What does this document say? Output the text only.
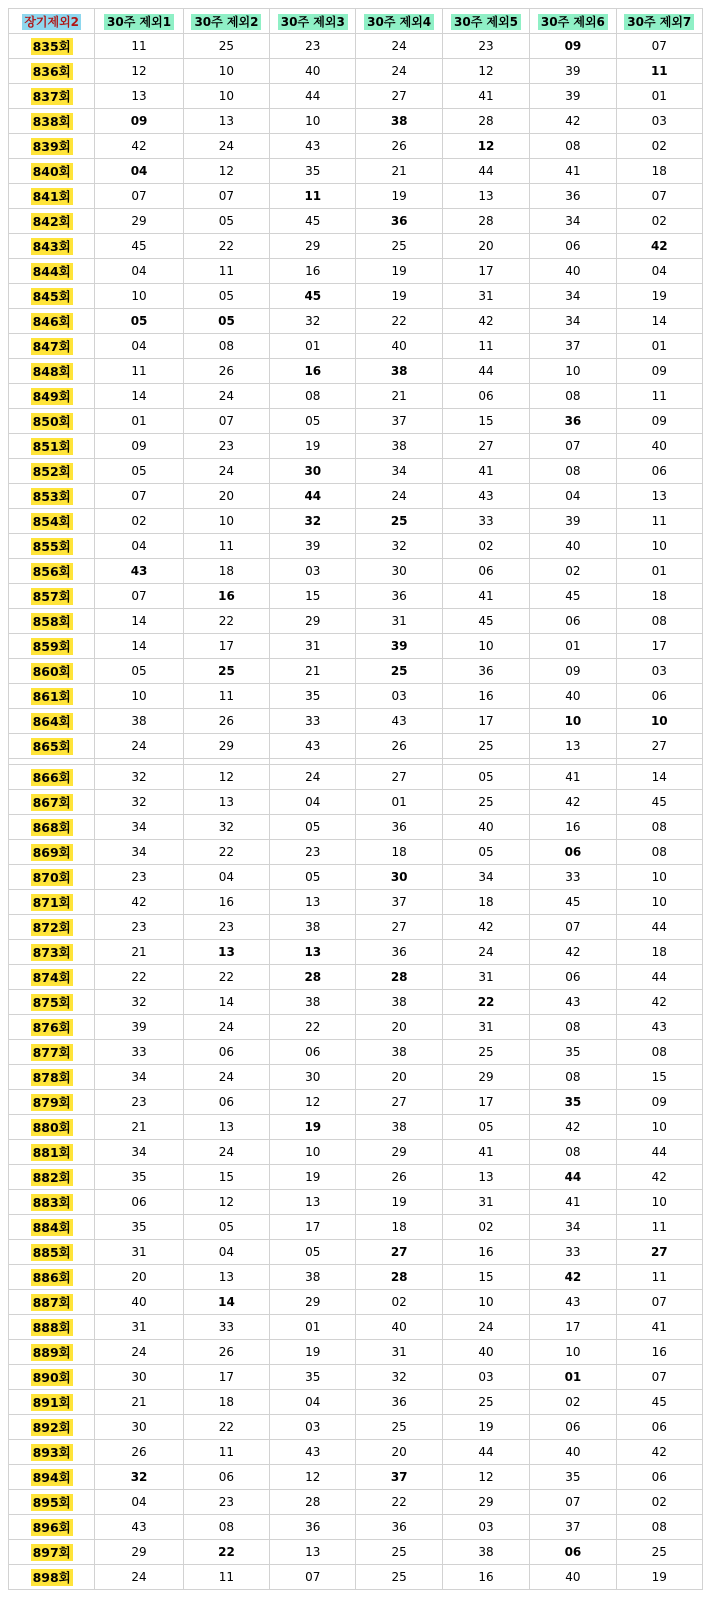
장기제외2	30주 제외1	30주 제외2	30주 제외3	30주 제외4	30주 제외5	30주 제외6	30주 제외7
835회	11	25	23	24	23	09	07
836회	12	10	40	24	12	39	11
837회	13	10	44	27	41	39	01
838회	09	13	10	38	28	42	03
839회	42	24	43	26	12	08	02
840회	04	12	35	21	44	41	18
841회	07	07	11	19	13	36	07
842회	29	05	45	36	28	34	02
843회	45	22	29	25	20	06	42
844회	04	11	16	19	17	40	04
845회	10	05	45	19	31	34	19
846회	05	05	32	22	42	34	14
847회	04	08	01	40	11	37	01
848회	11	26	16	38	44	10	09
849회	14	24	08	21	06	08	11
850회	01	07	05	37	15	36	09
851회	09	23	19	38	27	07	40
852회	05	24	30	34	41	08	06
853회	07	20	44	24	43	04	13
854회	02	10	32	25	33	39	11
855회	04	11	39	32	02	40	10
856회	43	18	03	30	06	02	01
857회	07	16	15	36	41	45	18
858회	14	22	29	31	45	06	08
859회	14	17	31	39	10	01	17
860회	05	25	21	25	36	09	03
861회	10	11	35	03	16	40	06
864회	38	26	33	43	17	10	10
865회	24	29	43	26	25	13	27

866회	32	12	24	27	05	41	14
867회	32	13	04	01	25	42	45
868회	34	32	05	36	40	16	08
869회	34	22	23	18	05	06	08
870회	23	04	05	30	34	33	10
871회	42	16	13	37	18	45	10
872회	23	23	38	27	42	07	44
873회	21	13	13	36	24	42	18
874회	22	22	28	28	31	06	44
875회	32	14	38	38	22	43	42
876회	39	24	22	20	31	08	43
877회	33	06	06	38	25	35	08
878회	34	24	30	20	29	08	15
879회	23	06	12	27	17	35	09
880회	21	13	19	38	05	42	10
881회	34	24	10	29	41	08	44
882회	35	15	19	26	13	44	42
883회	06	12	13	19	31	41	10
884회	35	05	17	18	02	34	11
885회	31	04	05	27	16	33	27
886회	20	13	38	28	15	42	11
887회	40	14	29	02	10	43	07
888회	31	33	01	40	24	17	41
889회	24	26	19	31	40	10	16
890회	30	17	35	32	03	01	07
891회	21	18	04	36	25	02	45
892회	30	22	03	25	19	06	06
893회	26	11	43	20	44	40	42
894회	32	06	12	37	12	35	06
895회	04	23	28	22	29	07	02
896회	43	08	36	36	03	37	08
897회	29	22	13	25	38	06	25
898회	24	11	07	25	16	40	19
